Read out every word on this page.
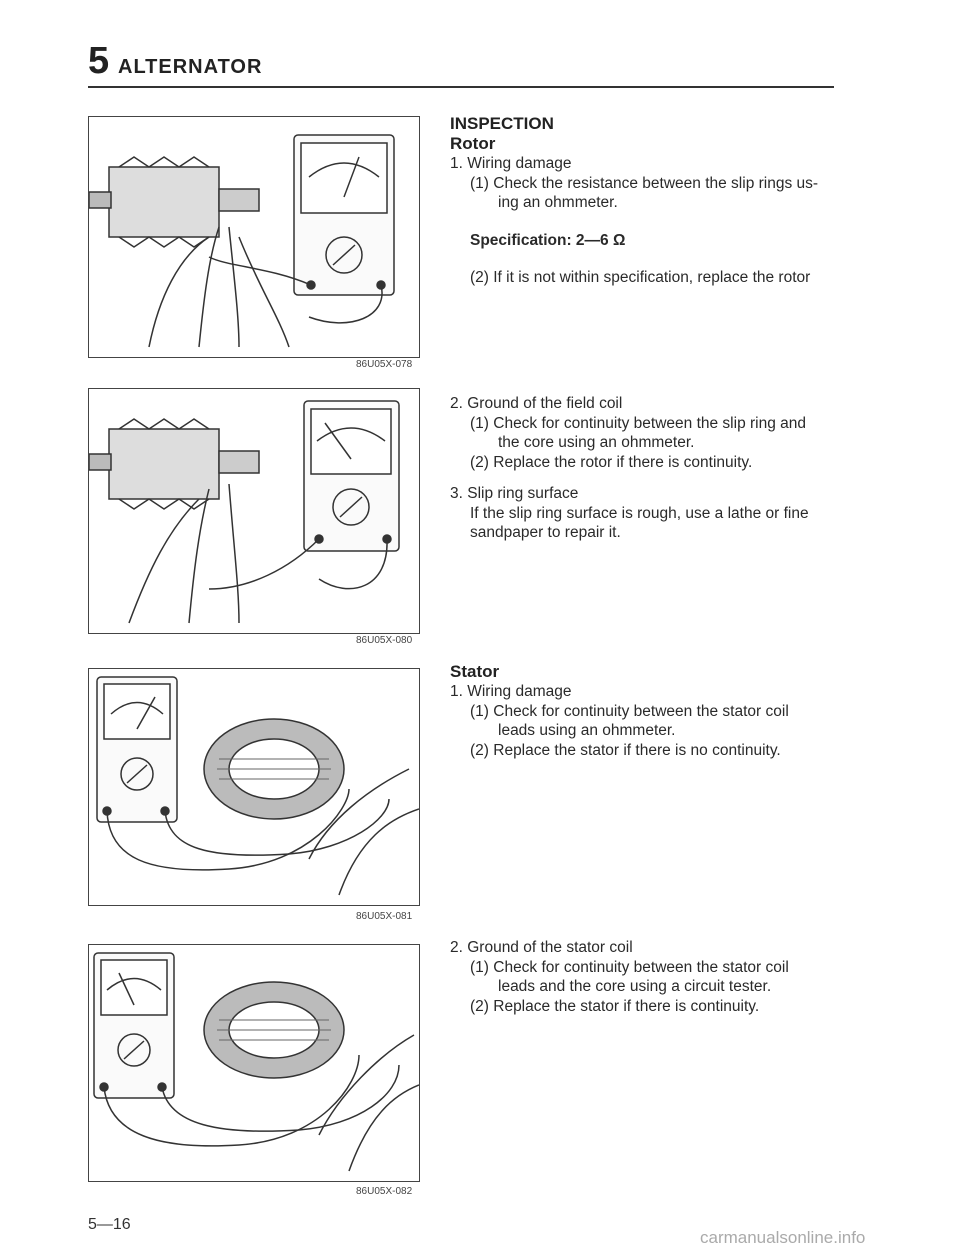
5 ALTERNATOR
86U05X-078
86U05X-080
86U05X-081
86U05X-082
INSPECTION
Rotor
1. Wiring damage
(1) Check the resistance between the slip rings us-
ing an ohmmeter.
Specification: 2—6 Ω
(2) If it is not within specification, replace the rotor
2. Ground of the field coil
(1) Check for continuity between the slip ring and
the core using an ohmmeter.
(2) Replace the rotor if there is continuity.
3. Slip ring surface
If the slip ring surface is rough, use a lathe or fine
sandpaper to repair it.
Stator
1. Wiring damage
(1) Check for continuity between the stator coil
leads using an ohmmeter.
(2) Replace the stator if there is no continuity.
2. Ground of the stator coil
(1) Check for continuity between the stator coil
leads and the core using a circuit tester.
(2) Replace the stator if there is continuity.
5—16
carmanualsonline.info
